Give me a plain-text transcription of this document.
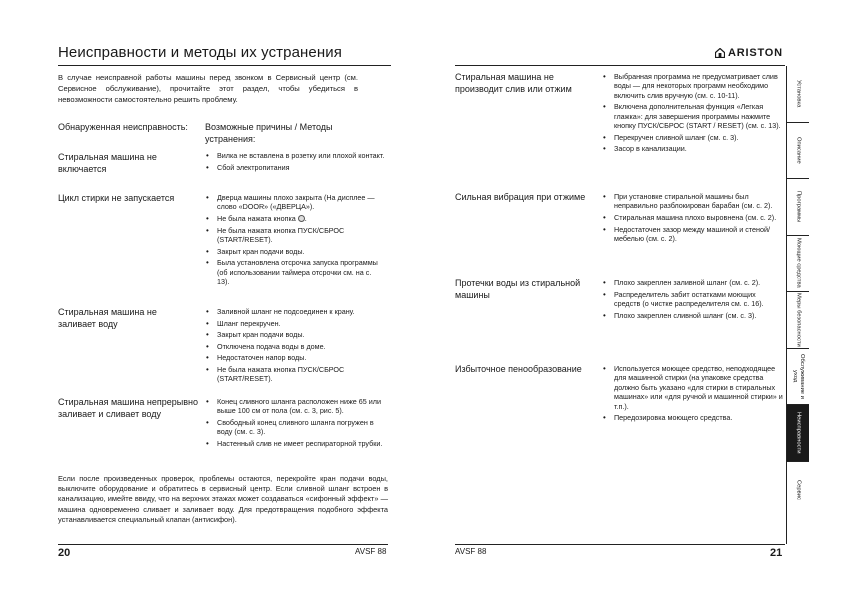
Неисправности и методы их устранения
В случае неисправной работы машины перед звонком в Сервисный центр (см. Сервисное обслуживание), прочитайте этот раздел, чтобы убедиться в невозможности самостоятельно решить проблему.
Обнаруженная неисправность: Возможные причины / Методы устранения:
Стиральная машина не включается
• Вилка не вставлена в розетку или плохой контакт.
• Сбой электропитания
Цикл стирки не запускается	• Дверца машины плохо закрыта (На дисплее — слово «DOOR» («ДВЕРЦА»).
• Не была нажата кнопка .
• Не была нажата кнопка ПУСК/СБРОС (START/RESET).
• Закрыт кран подачи воды.
• Была установлена отсрочка запуска программы (об использовании таймера отсрочки см. на с. 13).
Стиральная машина не заливает воду
• Заливной шланг не подсоединен к крану.
• Шланг перекручен.
• Закрыт кран подачи воды.
• Отключена подача воды в доме.
• Недостаточен напор воды.
• Не была нажата кнопка ПУСК/СБРОС (START/RESET).
Стиральная машина непрерывно заливает и сливает воду
• Конец сливного шланга расположен ниже 65 или выше 100 см от пола (см. с. 3, рис. 5).
• Свободный конец сливного шланга погружен в воду (см. с. 3).
• Настенный слив не имеет респираторной трубки.
Если после произведенных проверок, проблемы остаются, перекройте кран подачи воды, выключите оборудование и обратитесь в сервисный центр. Если сливной шланг встроен в канализацию, имейте ввиду, что на верхних этажах может создаваться «сифонный эффект» — машина одновременно сливает и заливает воду. Для предотвращения подобного эффекта устанавливается специальный клапан (антисифон).
20	AVSF 88
ARISTON
Стиральная машина не производит слив или отжим
• Выбранная программа не предусматривает слив воды — для некоторых программ необходимо включить слив вручную (см. с. 10-11).
• Включена дополнительная функция «Легкая глажка»: для завершения программы нажмите кнопку ПУСК/СБРОС (START / RESET) (см. с. 13).
• Перекручен сливной шланг (см. с. 3).
• Засор в канализации.
Сильная вибрация при отжиме	• При установке стиральной машины был неправильно разблокирован барабан (см. с. 2).
• Стиральная машина плохо выровнена (см. с. 2).
• Недостаточен зазор между машиной и стеной/мебелью (см. с. 2).
Протечки воды из стиральной машины
• Плохо закреплен заливной шланг (см. с. 2).
• Распределитель забит остатками моющих средств (о чистке распределителя см. с. 16).
• Плохо закреплен сливной шланг (см. с. 3).
Избыточное пенообразование	• Используется моющее средство, неподходящее для машинной стирки (на упаковке средства должно быть указано «для стирки в стиральных машинах» или «для ручной и машинной стирки» и т.п.).
• Передозировка моющего средства.
AVSF 88	21
Установка
Описание
Программы
Моющие средства
Меры безопасности
Обслуживание и уход
Неисправности
Сервис
